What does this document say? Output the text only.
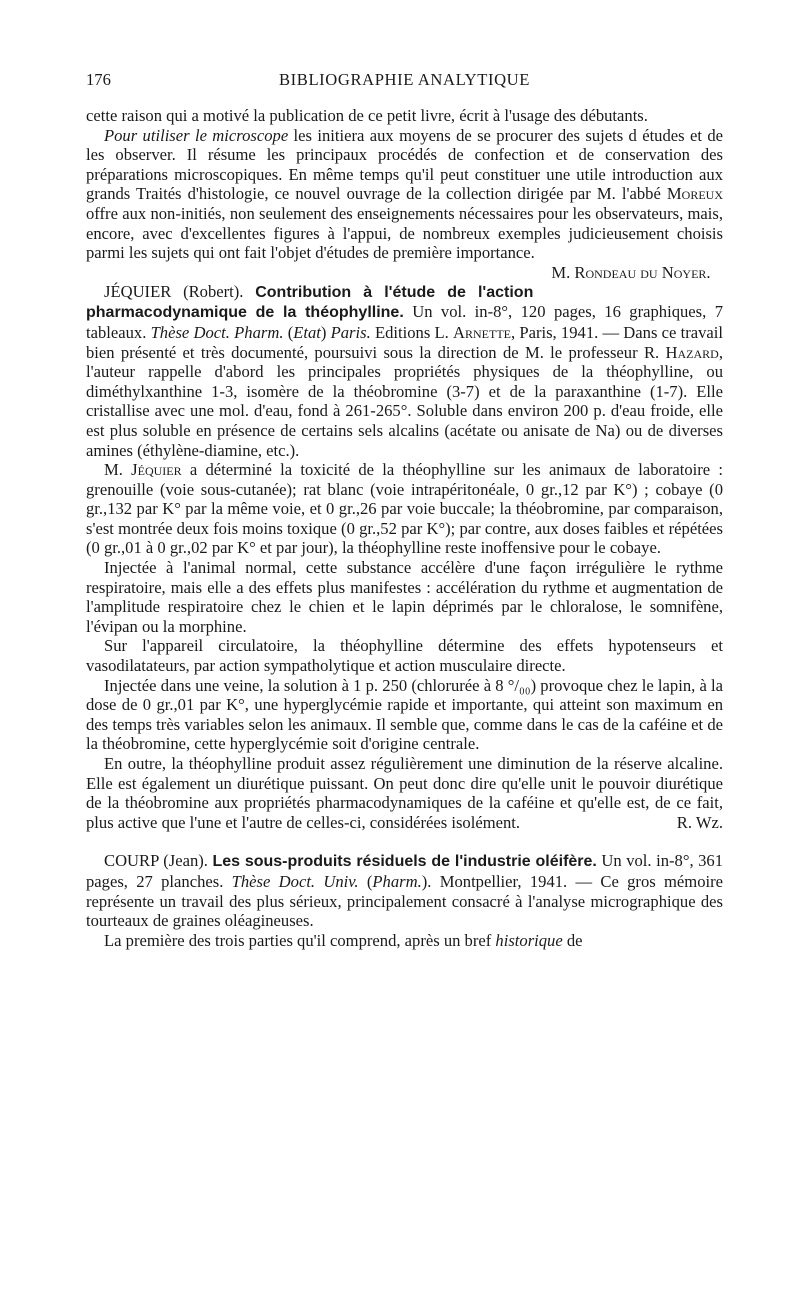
176	BIBLIOGRAPHIE ANALYTIQUE

cette raison qui a motivé la publication de ce petit livre, écrit à l'usage des débutants.

Pour utiliser le microscope les initiera aux moyens de se procurer des sujets d études et de les observer. Il résume les principaux procédés de confection et de conservation des préparations microscopiques. En même temps qu'il peut constituer une utile introduction aux grands Traités d'histologie, ce nouvel ouvrage de la collection dirigée par M. l'abbé Moreux offre aux non-initiés, non seulement des enseignements nécessaires pour les observateurs, mais, encore, avec d'excellentes figures à l'appui, de nombreux exemples judicieusement choisis parmi les sujets qui ont fait l'objet d'études de première importance.
M. Rondeau du Noyer.

JÉQUIER (Robert). Contribution à l'étude de l'action pharmacodynamique de la théophylline. Un vol. in-8°, 120 pages, 16 graphiques, 7 tableaux. Thèse Doct. Pharm. (Etat) Paris. Editions L. Arnette, Paris, 1941. — Dans ce travail bien présenté et très documenté, poursuivi sous la direction de M. le professeur R. Hazard, l'auteur rappelle d'abord les principales propriétés physiques de la théophylline, ou diméthylxanthine 1-3, isomère de la théobromine (3-7) et de la paraxanthine (1-7). Elle cristallise avec une mol. d'eau, fond à 261-265°. Soluble dans environ 200 p. d'eau froide, elle est plus soluble en présence de certains sels alcalins (acétate ou anisate de Na) ou de diverses amines (éthylène-diamine, etc.).

M. Jéquier a déterminé la toxicité de la théophylline sur les animaux de laboratoire : grenouille (voie sous-cutanée); rat blanc (voie intrapéritonéale, 0 gr.,12 par K°) ; cobaye (0 gr.,132 par K° par la même voie, et 0 gr.,26 par voie buccale; la théobromine, par comparaison, s'est montrée deux fois moins toxique (0 gr.,52 par K°); par contre, aux doses faibles et répétées (0 gr.,01 à 0 gr.,02 par K° et par jour), la théophylline reste inoffensive pour le cobaye.

Injectée à l'animal normal, cette substance accélère d'une façon irrégulière le rythme respiratoire, mais elle a des effets plus manifestes : accélération du rythme et augmentation de l'amplitude respiratoire chez le chien et le lapin déprimés par le chloralose, le somnifène, l'évipan ou la morphine.

Sur l'appareil circulatoire, la théophylline détermine des effets hypotenseurs et vasodilatateurs, par action sympatholytique et action musculaire directe.

Injectée dans une veine, la solution à 1 p. 250 (chlorurée à 8 °/₀₀) provoque chez le lapin, à la dose de 0 gr.,01 par K°, une hyperglycémie rapide et importante, qui atteint son maximum en des temps très variables selon les animaux. Il semble que, comme dans le cas de la caféine et de la théobromine, cette hyperglycémie soit d'origine centrale.

En outre, la théophylline produit assez régulièrement une diminution de la réserve alcaline. Elle est également un diurétique puissant. On peut donc dire qu'elle unit le pouvoir diurétique de la théobromine aux propriétés pharmacodynamiques de la caféine et qu'elle est, de ce fait, plus active que l'une et l'autre de celles-ci, considérées isolément.	R. Wz.

COURP (Jean). Les sous-produits résiduels de l'industrie oléifère. Un vol. in-8°, 361 pages, 27 planches. Thèse Doct. Univ. (Pharm.). Montpellier, 1941. — Ce gros mémoire représente un travail des plus sérieux, principalement consacré à l'analyse micrographique des tourteaux de graines oléagineuses.

La première des trois parties qu'il comprend, après un bref historique de
